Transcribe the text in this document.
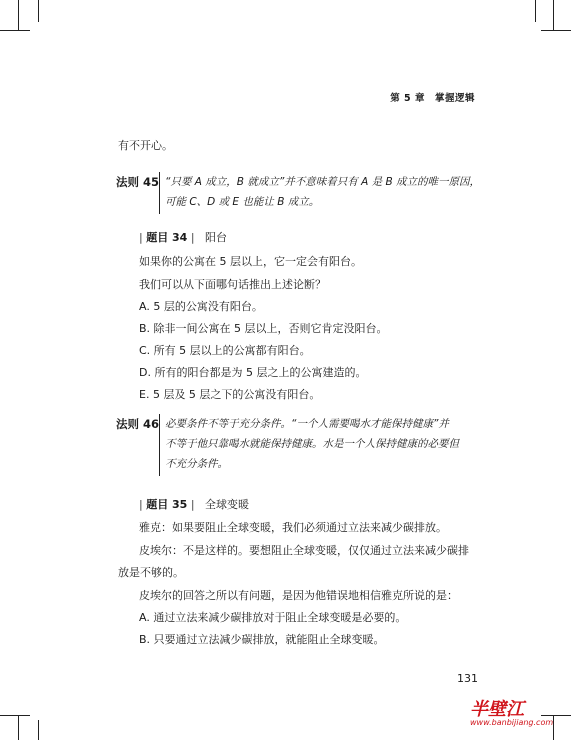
第 5 章 掌握逻辑
有不开心。
法则 45 “只要 A 成立，B 就成立”并不意味着只有 A 是 B 成立的唯一原因，
可能 C、D 或 E 也能让 B 成立。
| 题目 34 | 阳台
如果你的公寓在 5 层以上，它一定会有阳台。
我们可以从下面哪句话推出上述论断？
A. 5 层的公寓没有阳台。
B. 除非一间公寓在 5 层以上，否则它肯定没阳台。
C. 所有 5 层以上的公寓都有阳台。
D. 所有的阳台都是为 5 层之上的公寓建造的。
E. 5 层及 5 层之下的公寓没有阳台。
法则 46 必要条件不等于充分条件。“一个人需要喝水才能保持健康”并
不等于他只靠喝水就能保持健康。水是一个人保持健康的必要但
不充分条件。
| 题目 35 | 全球变暖
雅克：如果要阻止全球变暖，我们必须通过立法来减少碳排放。
皮埃尔：不是这样的。要想阻止全球变暖，仅仅通过立法来减少碳排
放是不够的。
皮埃尔的回答之所以有问题，是因为他错误地相信雅克所说的是：
A. 通过立法来减少碳排放对于阻止全球变暖是必要的。
B. 只要通过立法减少碳排放，就能阻止全球变暖。
131
半壁江
www.banbijiang.com
